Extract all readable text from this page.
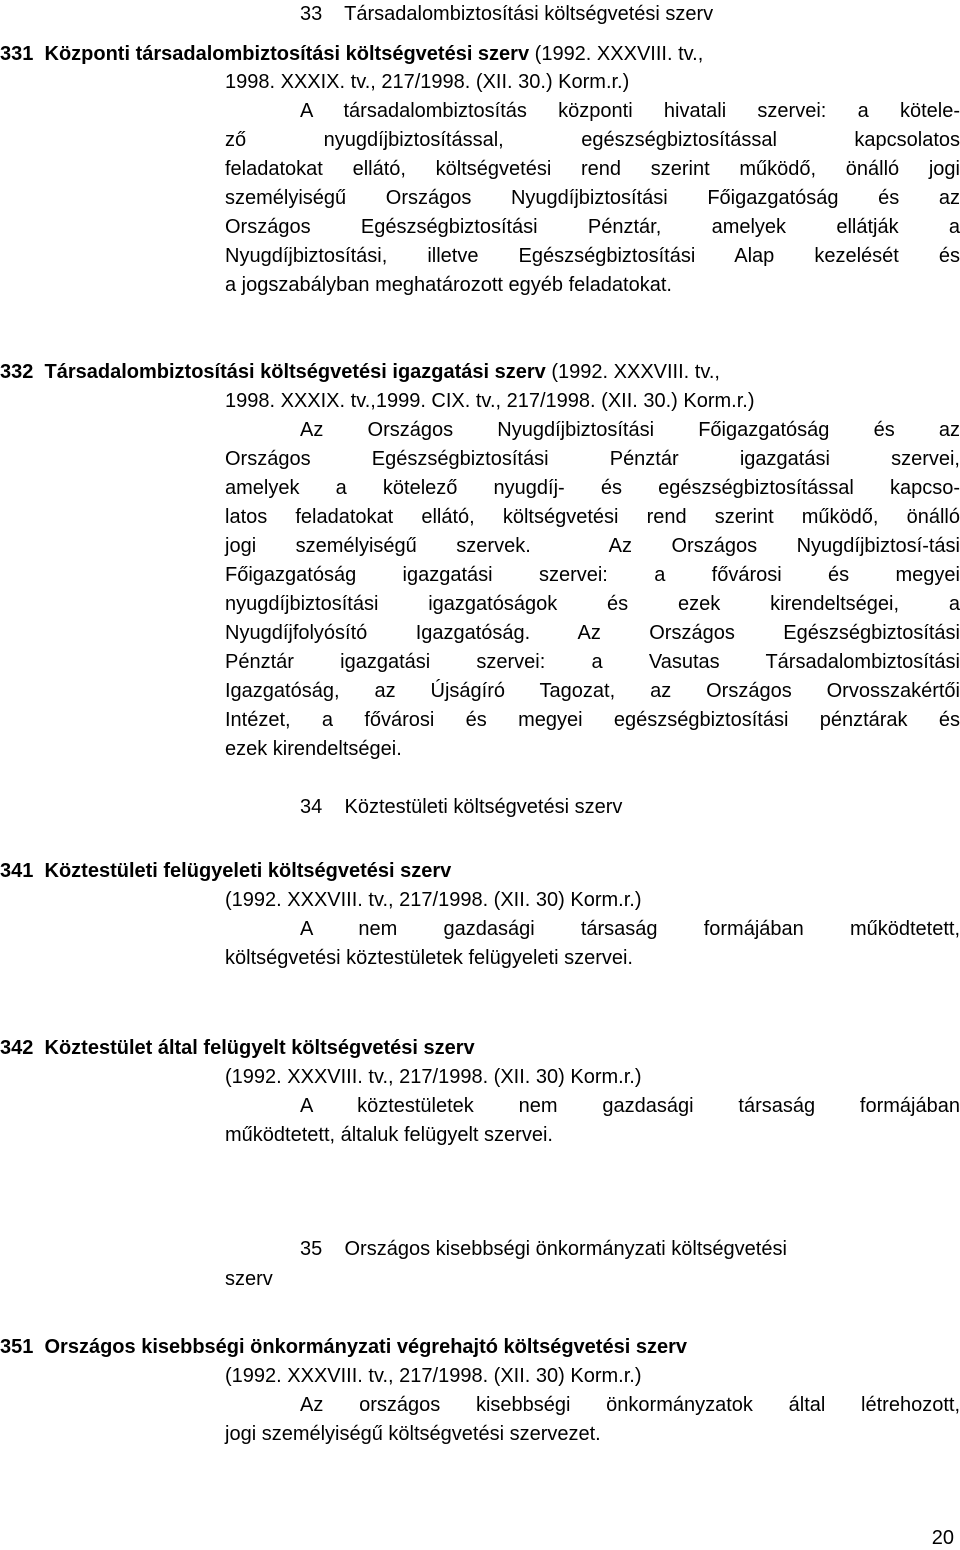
33 Társadalombiztosítási költségvetési szerv
331 Központi társadalombiztosítási költségvetési szerv (1992. XXXVIII. tv.,
1998. XXXIX. tv., 217/1998. (XII. 30.) Korm.r.)
A társadalombiztosítás központi hivatali szervei: a kötele-
ző nyugdíjbiztosítással, egészségbiztosítással kapcsolatos
feladatokat ellátó, költségvetési rend szerint működő, önálló jogi
személyiségű Országos Nyugdíjbiztosítási Főigazgatóság és az
Országos Egészségbiztosítási Pénztár, amelyek ellátják a
Nyugdíjbiztosítási, illetve Egészségbiztosítási Alap kezelését és
a jogszabályban meghatározott egyéb feladatokat.
332 Társadalombiztosítási költségvetési igazgatási szerv (1992. XXXVIII. tv.,
1998. XXXIX. tv.,1999. CIX. tv., 217/1998. (XII. 30.) Korm.r.)
Az Országos Nyugdíjbiztosítási Főigazgatóság és az
Országos Egészségbiztosítási Pénztár igazgatási szervei,
amelyek a kötelező nyugdíj- és egészségbiztosítással kapcso-
latos feladatokat ellátó, költségvetési rend szerint működő, önálló
jogi személyiségű szervek.  Az Országos Nyugdíjbiztosí-tási
Főigazgatóság igazgatási szervei: a fővárosi és megyei
nyugdíjbiztosítási igazgatóságok és ezek kirendeltségei, a
Nyugdíjfolyósító Igazgatóság. Az Országos Egészségbiztosítási
Pénztár igazgatási szervei: a Vasutas Társadalombiztosítási
Igazgatóság, az Újságíró Tagozat, az Országos Orvosszakértői
Intézet, a fővárosi és megyei egészségbiztosítási pénztárak és
ezek kirendeltségei.
34 Köztestületi költségvetési szerv
341 Köztestületi felügyeleti költségvetési szerv
(1992. XXXVIII. tv., 217/1998. (XII. 30) Korm.r.)
A nem gazdasági társaság formájában működtetett,
költségvetési köztestületek felügyeleti szervei.
342 Köztestület által felügyelt költségvetési szerv
(1992. XXXVIII. tv., 217/1998. (XII. 30) Korm.r.)
A köztestületek nem gazdasági társaság formájában
működtetett, általuk felügyelt szervei.
35 Országos kisebbségi önkormányzati költségvetési
szerv
351 Országos kisebbségi önkormányzati végrehajtó költségvetési szerv
(1992. XXXVIII. tv., 217/1998. (XII. 30) Korm.r.)
Az országos kisebbségi önkormányzatok által létrehozott,
jogi személyiségű költségvetési szervezet.
20
